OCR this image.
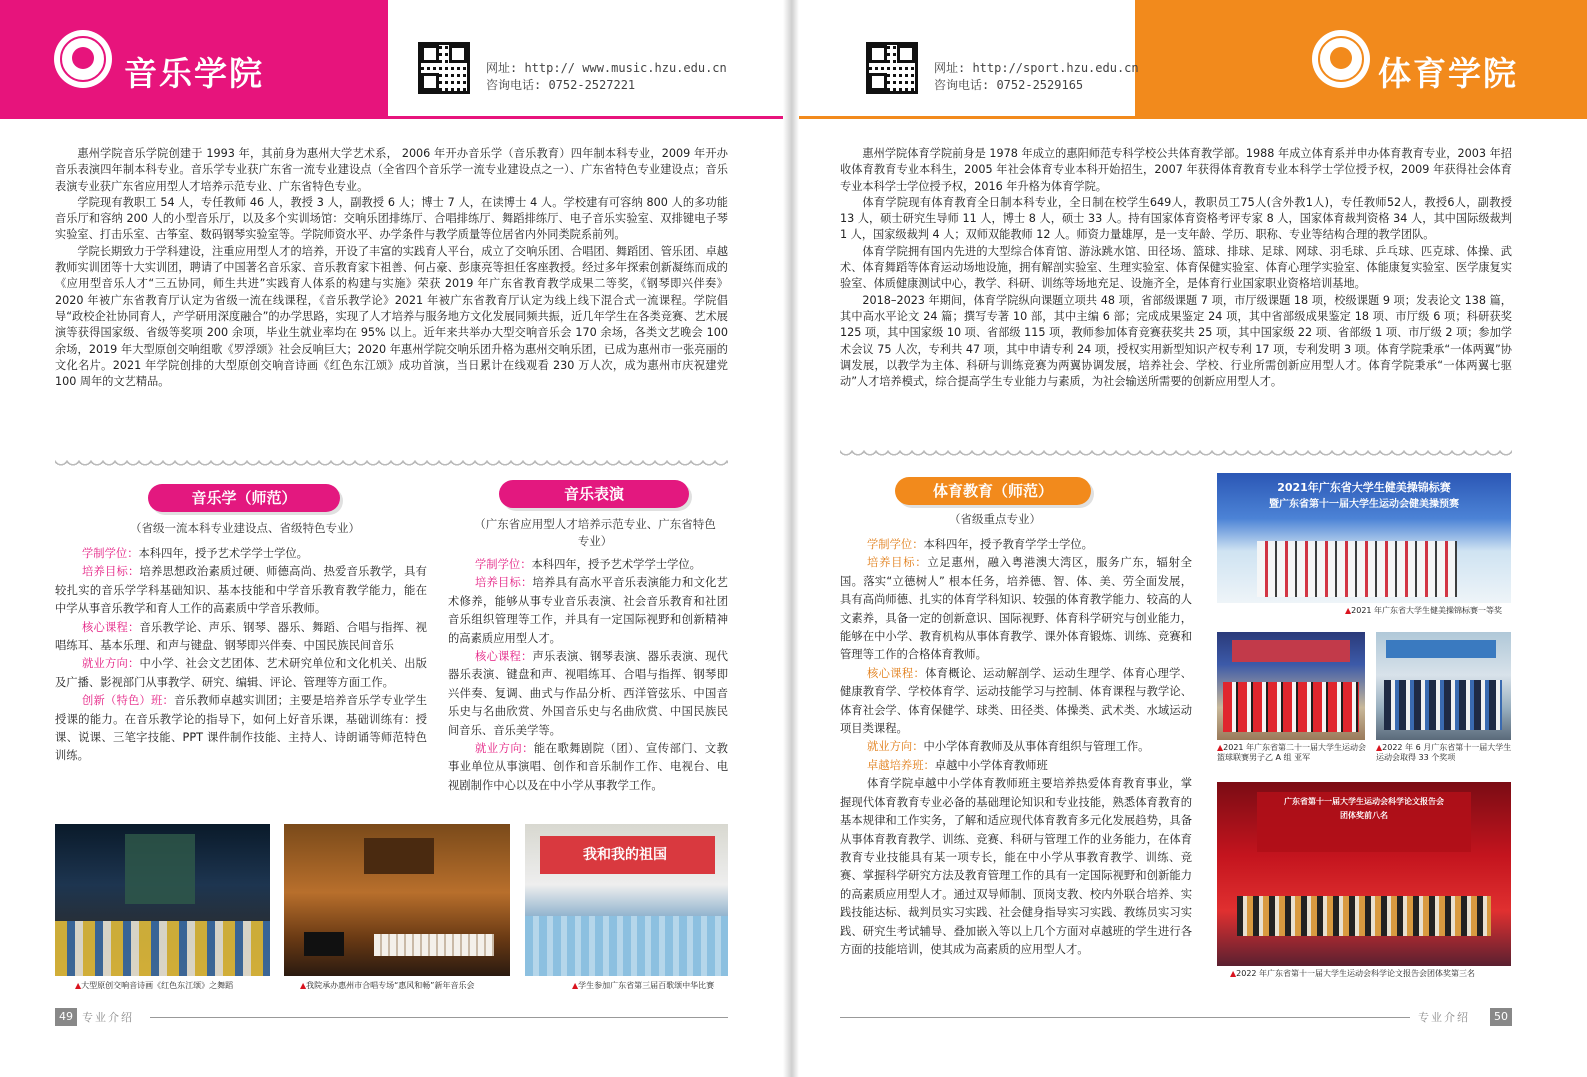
音乐学院	网址: http:// www.music.hzu.edu.cn
咨询电话: 0752-2527221
网址: http://sport.hzu.edu.cn
咨询电话: 0752-2529165	体育学院

惠州学院音乐学院创建于 1993 年，其前身为惠州大学艺术系， 2006 年开办音乐学（音乐教育）四年制本科专业，2009 年开办音乐表演四年制本科专业。音乐学专业获广东省一流专业建设点（全省四个音乐学一流专业建设点之一）、广东省特色专业建设点；音乐表演专业获广东省应用型人才培养示范专业、广东省特色专业。

学院现有教职工 54 人，专任教师 46 人，教授 3 人，副教授 6 人；博士 7 人，在读博士 4 人。学校建有可容纳 800 人的多功能音乐厅和容纳 200 人的小型音乐厅，以及多个实训场馆：交响乐团排练厅、合唱排练厅、舞蹈排练厅、电子音乐实验室、双排键电子琴实验室、打击乐室、古筝室、数码钢琴实验室等。学院师资水平、办学条件与教学质量等位居省内外同类院系前列。

学院长期致力于学科建设，注重应用型人才的培养，开设了丰富的实践育人平台，成立了交响乐团、合唱团、舞蹈团、管乐团、卓越教师实训团等十大实训团，聘请了中国著名音乐家、音乐教育家卞祖善、何占豪、彭康亮等担任客座教授。经过多年探索创新凝练而成的《应用型音乐人才“三五协同，师生共进”实践育人体系的构建与实施》荣获 2019 年广东省教育教学成果二等奖，《钢琴即兴伴奏》2020 年被广东省教育厅认定为省级一流在线课程，《音乐教学论》2021 年被广东省教育厅认定为线上线下混合式一流课程。学院倡导“政校企社协同育人，产学研用深度融合”的办学思路，实现了人才培养与服务地方文化发展同频共振，近几年学生在各类竞赛、艺术展演等获得国家级、省级等奖项 200 余项，毕业生就业率均在 95% 以上。近年来共举办大型交响音乐会 170 余场，各类文艺晚会 100 余场，2019 年大型原创交响组歌《罗浮颂》社会反响巨大；2020 年惠州学院交响乐团升格为惠州交响乐团，已成为惠州市一张亮丽的文化名片。2021 年学院创排的大型原创交响音诗画《红色东江颂》成功首演，当日累计在线观看 230 万人次，成为惠州市庆祝建党 100 周年的文艺精品。

音乐学（师范）
（省级一流本科专业建设点、省级特色专业）

学制学位：本科四年，授予艺术学学士学位。

培养目标：培养思想政治素质过硬、师德高尚、热爱音乐教学，具有较扎实的音乐学学科基础知识、基本技能和中学音乐教育教学能力，能在中学从事音乐教学和育人工作的高素质中学音乐教师。

核心课程：音乐教学论、声乐、钢琴、器乐、舞蹈、合唱与指挥、视唱练耳、基本乐理、和声与键盘、钢琴即兴伴奏、中国民族民间音乐

就业方向：中小学、社会文艺团体、艺术研究单位和文化机关、出版及广播、影视部门从事教学、研究、编辑、评论、管理等方面工作。

创新（特色）班：音乐教师卓越实训团；主要是培养音乐学专业学生授课的能力。在音乐教学论的指导下，如何上好音乐课，基础训练有：授课、说课、三笔字技能、PPT 课件制作技能、主持人、诗朗诵等师范特色训练。

音乐表演
（广东省应用型人才培养示范专业、广东省特色专业）

学制学位：本科四年，授予艺术学学士学位。

培养目标：培养具有高水平音乐表演能力和文化艺术修养，能够从事专业音乐表演、社会音乐教育和社团音乐组织管理等工作，并具有一定国际视野和创新精神的高素质应用型人才。

核心课程：声乐表演、钢琴表演、器乐表演、现代器乐表演、键盘和声、视唱练耳、合唱与指挥、钢琴即兴伴奏、复调、曲式与作品分析、西洋管弦乐、中国音乐史与名曲欣赏、外国音乐史与名曲欣赏、中国民族民间音乐、音乐美学等。

就业方向：能在歌舞剧院（团）、宣传部门、文教事业单位从事演唱、创作和音乐制作工作、电视台、电视剧制作中心以及在中小学从事教学工作。

▲大型原创交响音诗画《红色东江颂》之舞蹈	▲我院承办惠州市合唱专场“惠风和畅”新年音乐会
我和我的祖国
▲学生参加广东省第三届百歌颂中华比赛
49 专业介绍

惠州学院体育学院前身是 1978 年成立的惠阳师范专科学校公共体育教学部。1988 年成立体育系并申办体育教育专业，2003 年招收体育教育专业本科生，2005 年社会体育专业本科开始招生，2007 年获得体育教育专业本科学士学位授予权，2009 年获得社会体育专业本科学士学位授予权，2016 年升格为体育学院。

体育学院现有体育教育全日制本科专业，全日制在校学生649人，教职员工75人(含外教1人)，专任教师52人，教授6人，副教授 13 人，硕士研究生导师 11 人，博士 8 人，硕士 33 人。持有国家体育资格考评专家 8 人，国家体育裁判资格 34 人，其中国际级裁判 1 人，国家级裁判 4 人；双师双能教师 12 人。师资力量雄厚，是一支年龄、学历、职称、专业等结构合理的教学团队。

体育学院拥有国内先进的大型综合体育馆、游泳跳水馆、田径场、篮球、排球、足球、网球、羽毛球、乒乓球、匹克球、体操、武术、体育舞蹈等体育运动场地设施，拥有解剖实验室、生理实验室、体育保健实验室、体育心理学实验室、体能康复实验室、医学康复实验室、体质健康测试中心，教学、科研、训练等场地充足、设施齐全，是体育行业国家职业资格培训基地。

2018–2023 年期间，体育学院纵向课题立项共 48 项，省部级课题 7 项，市厅级课题 18 项，校级课题 9 项；发表论文 138 篇，其中高水平论文 24 篇；撰写专著 10 部，其中主编 6 部；完成成果鉴定 24 项，其中省部级成果鉴定 18 项、市厅级 6 项；科研获奖 125 项，其中国家级 10 项、省部级 115 项，教师参加体育竞赛获奖共 25 项，其中国家级 22 项、省部级 1 项、市厅级 2 项；参加学术会议 75 人次，专利共 47 项，其中申请专利 24 项，授权实用新型知识产权专利 17 项，专利发明 3 项。体育学院秉承“一体两翼”协调发展，以教学为主体、科研与训练竞赛为两翼协调发展，培养社会、学校、行业所需创新应用型人才。体育学院秉承“一体两翼七驱动”人才培养模式，综合提高学生专业能力与素质，为社会输送所需要的创新应用型人才。

体育教育（师范）
（省级重点专业）

学制学位：本科四年，授予教育学学士学位。

培养目标：立足惠州，融入粤港澳大湾区，服务广东，辐射全国。落实“立德树人” 根本任务，培养德、智、体、美、劳全面发展，具有高尚师德、扎实的体育学科知识、较强的体育教学能力、较高的人文素养，具备一定的创新意识、国际视野、体育科学研究与创业能力，能够在中小学、教育机构从事体育教学、课外体育锻炼、训练、竞赛和管理等工作的合格体育教师。

核心课程：体育概论、运动解剖学、运动生理学、体育心理学、健康教育学、学校体育学、运动技能学习与控制、体育课程与教学论、体育社会学、体育保健学、球类、田径类、体操类、武术类、水域运动项目类课程。

就业方向：中小学体育教师及从事体育组织与管理工作。

卓越培养班：卓越中小学体育教师班

体育学院卓越中小学体育教师班主要培养热爱体育教育事业，掌握现代体育教育专业必备的基础理论知识和专业技能，熟悉体育教育的基本规律和工作实务，了解和适应现代体育教育多元化发展趋势，具备从事体育教育教学、训练、竞赛、科研与管理工作的业务能力，在体育教育专业技能具有某一项专长，能在中小学从事教育教学、训练、竞赛、掌握科学研究方法及教育管理工作的具有一定国际视野和创新能力的高素质应用型人才。通过双导师制、顶岗支教、校内外联合培养、实践技能达标、裁判员实习实践、社会健身指导实习实践、教练员实习实践、研究生考试辅导、叠加嵌入等以上几个方面对卓越班的学生进行各方面的技能培训，使其成为高素质的应用型人才。

2021年广东省大学生健美操锦标赛
暨广东省第十一届大学生运动会健美操预赛
▲2021 年广东省大学生健美操锦标赛一等奖
▲2021 年广东省第二十一届大学生运动会篮球联赛男子乙 A 组 亚军
▲2022 年 6 月广东省第十一届大学生运动会取得 33 个奖项
广东省第十一届大学生运动会科学论文报告会
团体奖前八名
▲2022 年广东省第十一届大学生运动会科学论文报告会团体奖第三名
专业介绍	50
